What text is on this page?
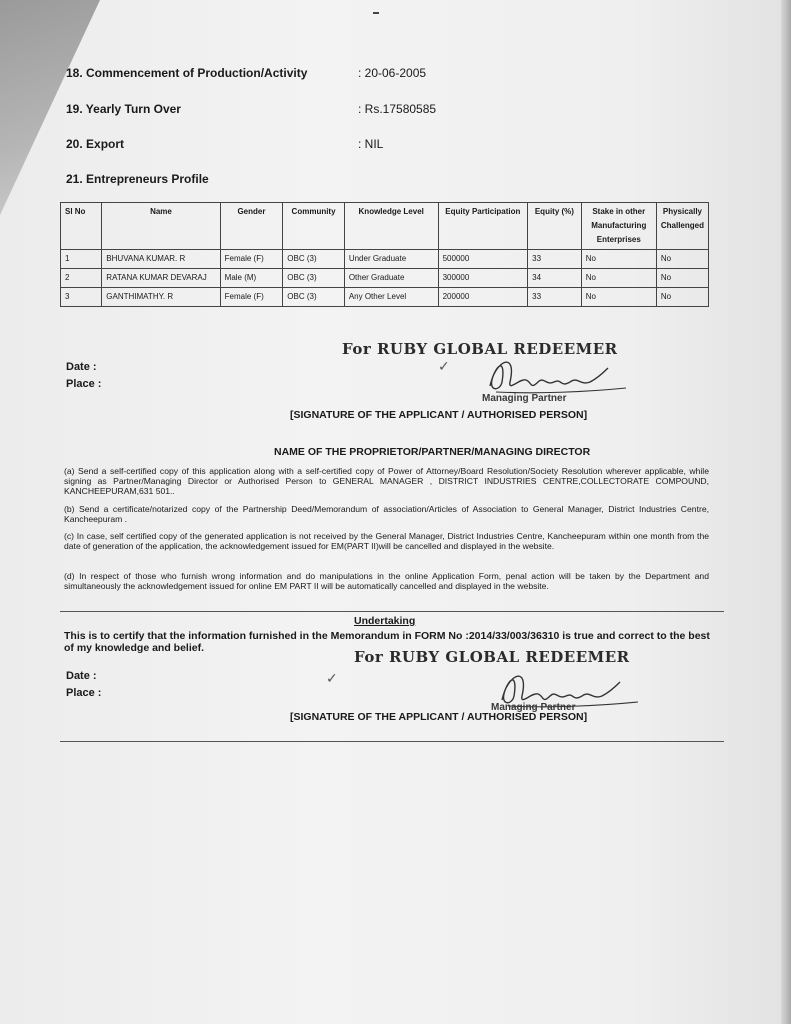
18. Commencement of Production/Activity	: 20-06-2005
19. Yearly Turn Over	: Rs.17580585
20. Export	: NIL
21. Entrepreneurs Profile
Sl No	Name	Gender	Community	Knowledge Level	Equity Participation	Equity (%)	Stake in other Manufacturing Enterprises	Physically Challenged
1	BHUVANA KUMAR. R	Female (F)	OBC (3)	Under Graduate	500000	33	No	No
2	RATANA KUMAR DEVARAJ	Male (M)	OBC (3)	Other Graduate	300000	34	No	No
3	GANTHIMATHY. R	Female (F)	OBC (3)	Any Other Level	200000	33	No	No
For RUBY GLOBAL REDEEMER
✓
Managing Partner
Date :
Place :
[SIGNATURE OF THE APPLICANT / AUTHORISED PERSON]
NAME OF THE PROPRIETOR/PARTNER/MANAGING DIRECTOR
(a) Send a self-certified copy of this application along with a self-certified copy of Power of Attorney/Board Resolution/Society Resolution wherever applicable, while signing as Partner/Managing Director or Authorised Person to GENERAL MANAGER , DISTRICT INDUSTRIES CENTRE,COLLECTORATE COMPOUND, KANCHEEPURAM,631 501..
(b) Send a certificate/notarized copy of the Partnership Deed/Memorandum of association/Articles of Association to General Manager, District Industries Centre, Kancheepuram .
(c) In case, self certified copy of the generated application is not received by the General Manager, District Industries Centre, Kancheepuram within one month from the date of generation of the application, the acknowledgement issued for EM(PART II)will be cancelled and displayed in the website.
(d) In respect of those who furnish wrong information and do manipulations in the online Application Form, penal action will be taken by the Department and simultaneously the acknowledgement issued for online EM PART II will be automatically cancelled and displayed in the website.
Undertaking
This is to certify that the information furnished in the Memorandum in FORM No :2014/33/003/36310 is true and correct to the best of my knowledge and belief.	For RUBY GLOBAL REDEEMER
✓
Date :
Place :
[SIGNATURE OF THE APPLICANT / AUTHORISED PERSON]
Managing Partner
